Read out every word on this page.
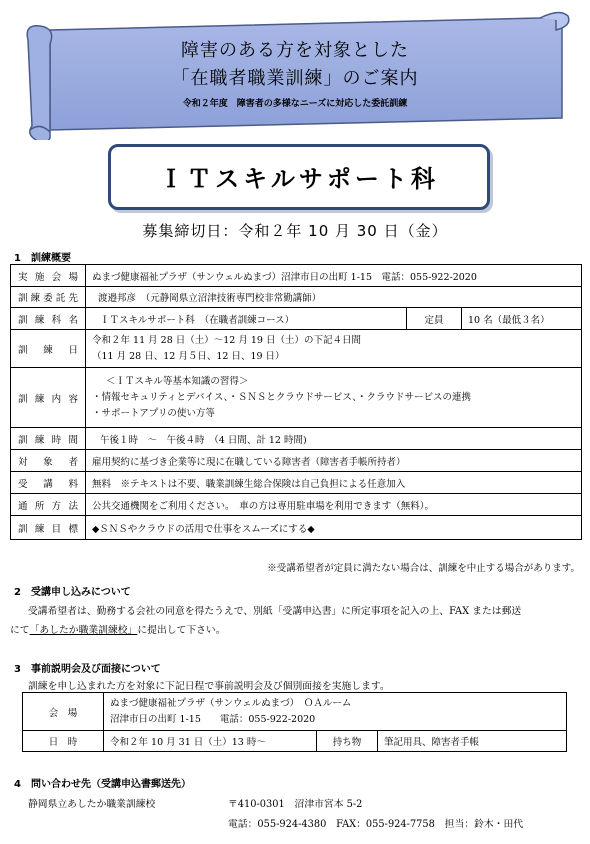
障害のある方を対象とした
「在職者職業訓練」のご案内
令和２年度　障害者の多様なニーズに対応した委託訓練
ＩＴスキルサポート科
募集締切日：令和２年 10 月 30 日（金）
1　訓練概要
実施会場	ぬまづ健康福祉プラザ（サンウェルぬまづ）沼津市日の出町 1-15　電話：055-922-2020		
訓練委託先	渡邉邦彦　（元静岡県立沼津技術専門校非常勤講師）		
訓練科名	ＩＴスキルサポート科　（在職者訓練コース）	定員	10 名（最低３名）
訓練日	令和２年 11 月 28 日（土）～12 月 19 日（土）の下記４日間
（11 月 28 日、12 月５日、12 日、19 日）		

訓練内容	＜ＩＴスキル等基本知識の習得＞
・情報セキュリティとデバイス、・ＳＮＳとクラウドサービス、・クラウドサービスの連携
・サポートアプリの使い方等		

訓練時間	午後１時　～　午後４時　（4 日間、計 12 時間)		
対象者	雇用契約に基づき企業等に現に在職している障害者（障害者手帳所持者）		
受講料	無料　※テキストは不要、職業訓練生総合保険は自己負担による任意加入		
通所方法	公共交通機関をご利用ください。　車の方は専用駐車場を利用できます（無料）。		
訓練目標	◆ＳＮＳやクラウドの活用で仕事をスムーズにする◆		
※受講希望者が定員に満たない場合は、訓練を中止する場合があります。
2　受講申し込みについて
受講希望者は、勤務する会社の同意を得たうえで、別紙「受講申込書」に所定事項を記入の上、FAX または郵送
にて「あしたか職業訓練校」に提出して下さい。
3　事前説明会及び面接について
訓練を申し込まれた方を対象に下記日程で事前説明会及び個別面接を実施します。
会　場	ぬまづ健康福祉プラザ（サンウェルぬまづ）　ＯＡルーム
沼津市日の出町 1-15　　電話：055-922-2020		

日　時	令和２年 10 月 31 日（土）13 時～	持ち物	筆記用具、障害者手帳
4　問い合わせ先（受講申込書郵送先）
静岡県立あしたか職業訓練校	〒410-0301　沼津市宮本 5-2
電話：055-924-4380　FAX：055-924-7758　担当：鈴木・田代
